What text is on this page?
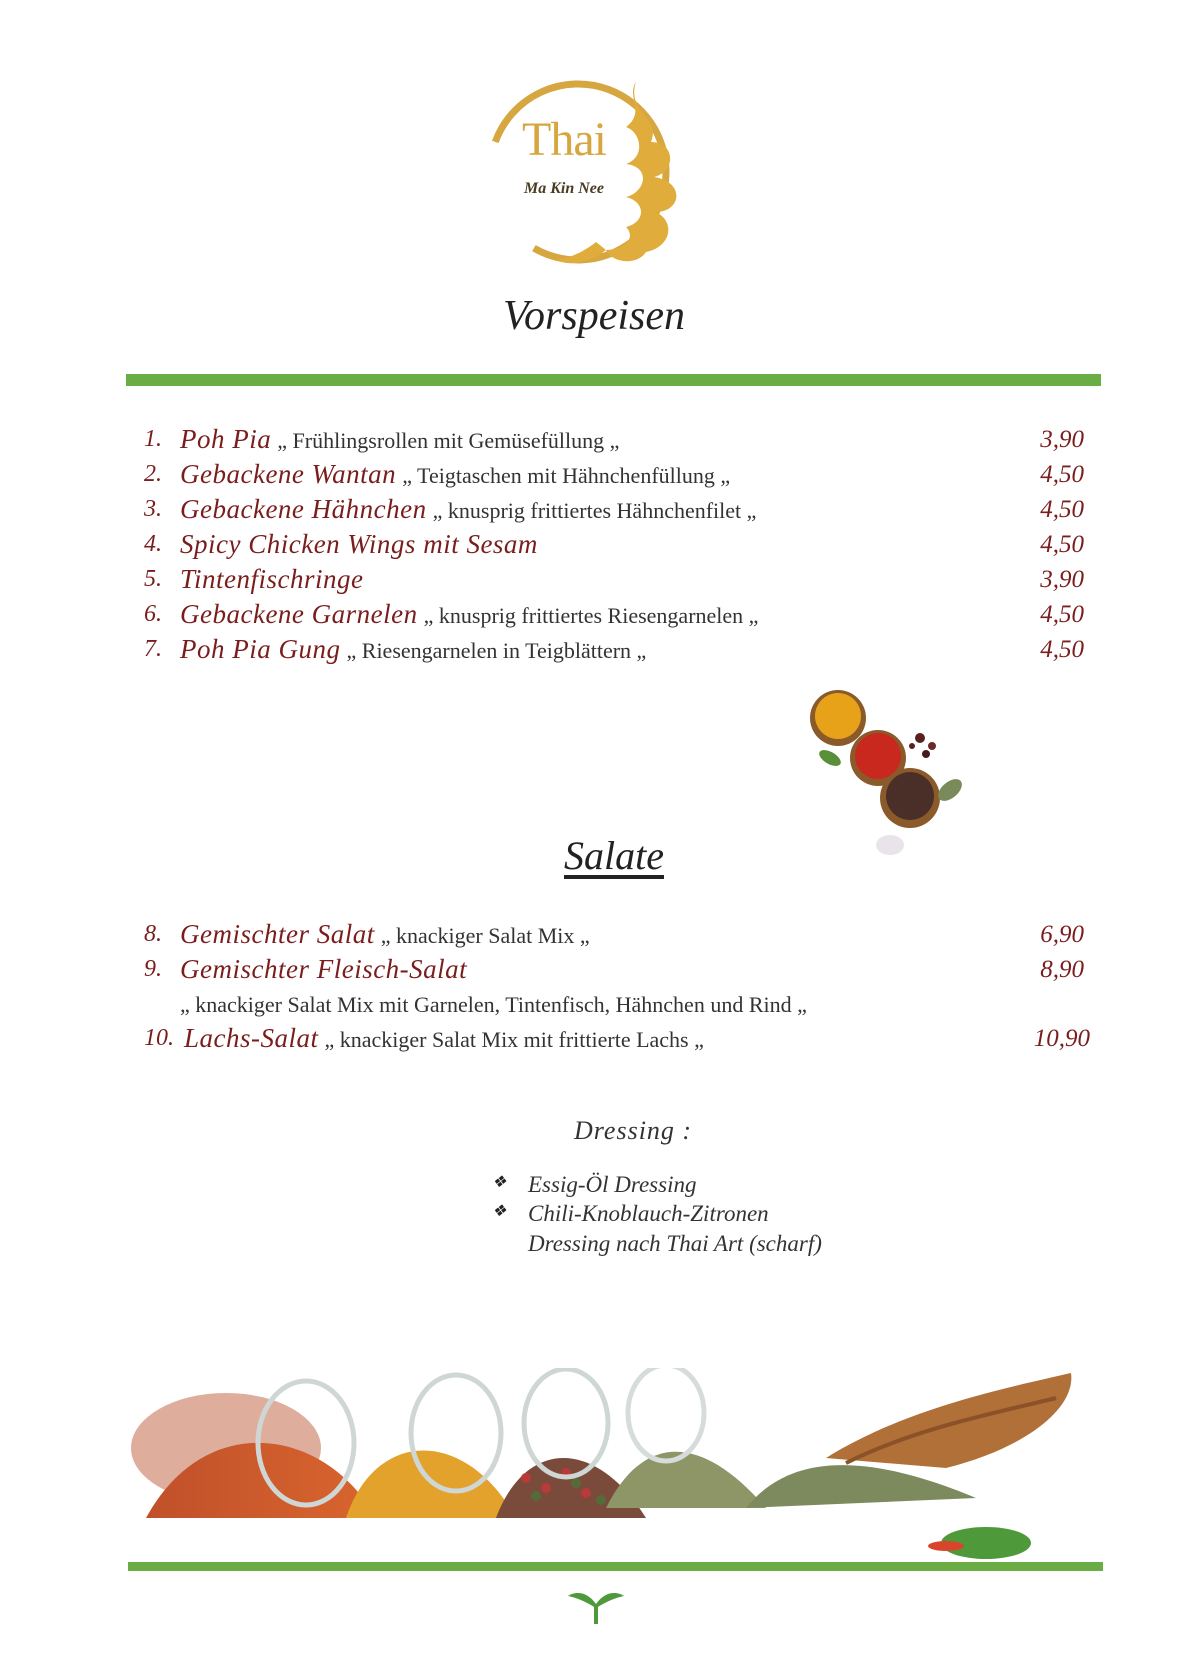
Thai
Ma Kin Nee
Vorspeisen
1. Poh Pia „ Frühlingsrollen mit Gemüsefüllung „	3,90
2. Gebackene Wantan „ Teigtaschen mit Hähnchenfüllung „	4,50
3. Gebackene Hähnchen „ knusprig frittiertes Hähnchenfilet „	4,50
4. Spicy Chicken Wings mit Sesam	4,50
5. Tintenfischringe	3,90
6. Gebackene Garnelen „ knusprig frittiertes Riesengarnelen „	4,50
7. Poh Pia Gung „ Riesengarnelen in Teigblättern „	4,50
Salate
8. Gemischter Salat „ knackiger Salat Mix „	6,90
9. Gemischter Fleisch-Salat	8,90
„ knackiger Salat Mix mit Garnelen, Tintenfisch, Hähnchen und Rind „
10. Lachs-Salat „ knackiger Salat Mix mit frittierte Lachs „	10,90
Dressing :
❖ Essig-Öl Dressing
❖ Chili-Knoblauch-Zitronen Dressing nach Thai Art (scharf)
